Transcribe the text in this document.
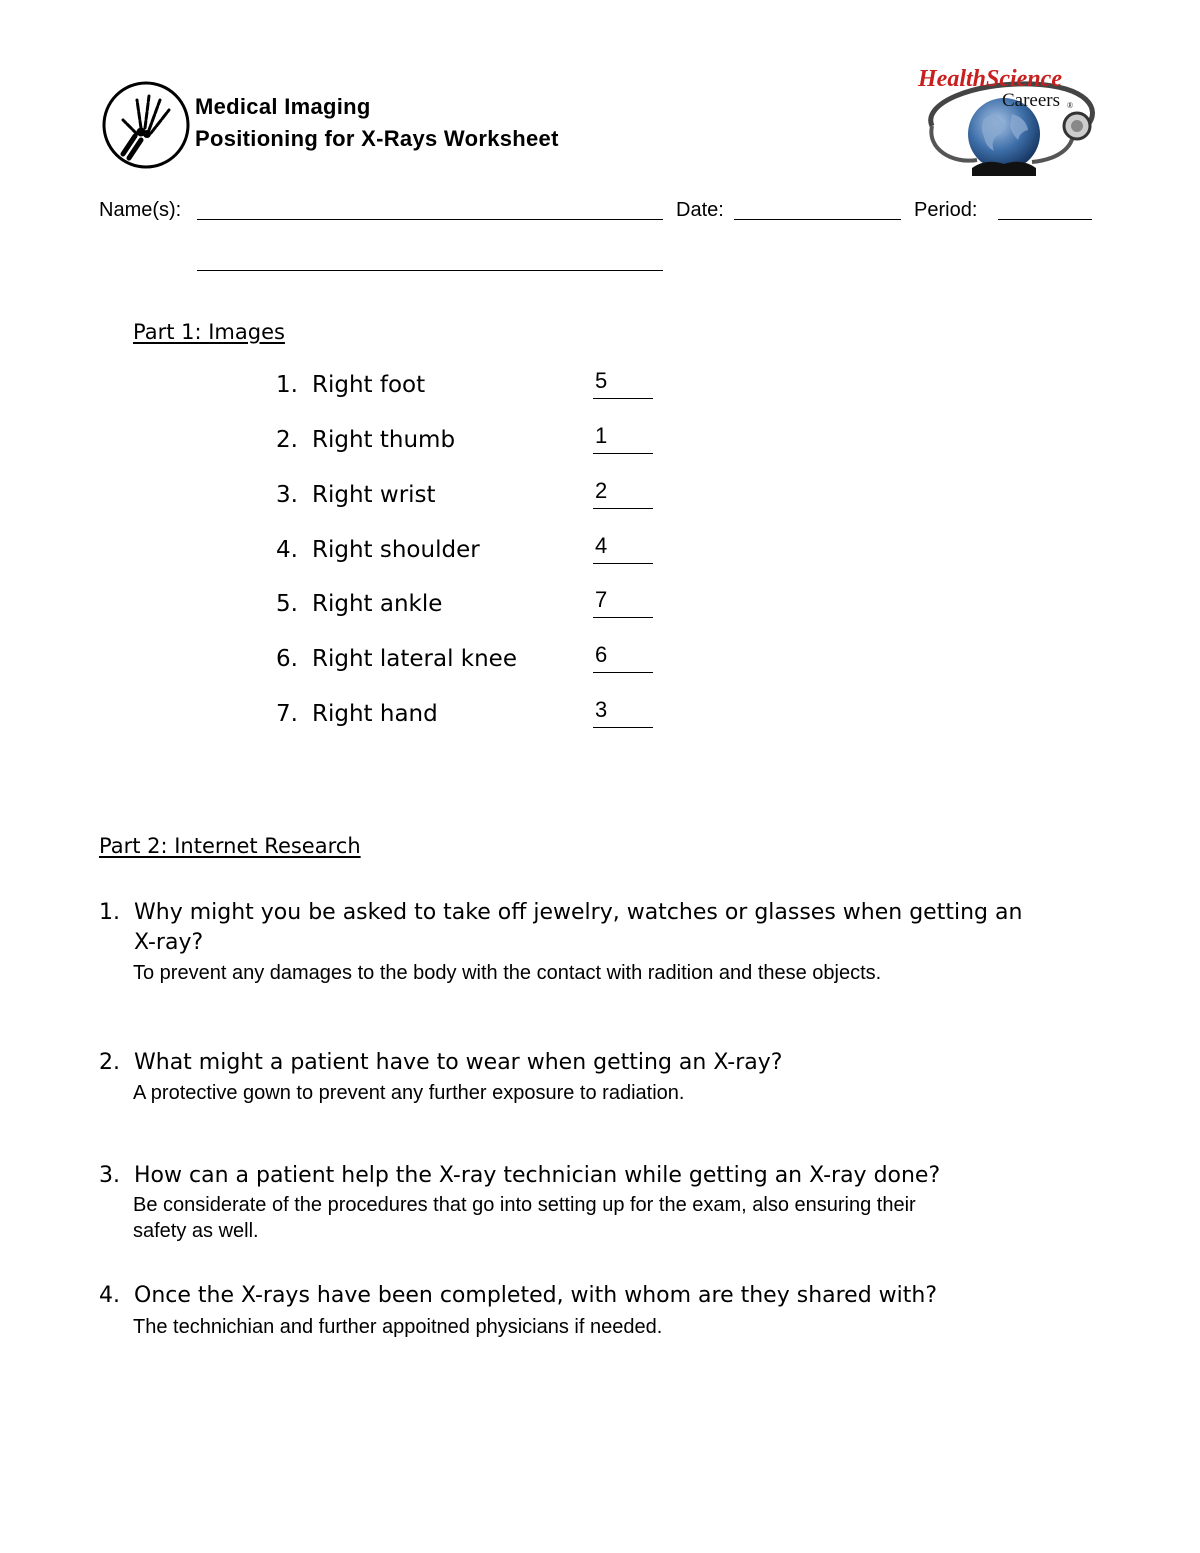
Medical Imaging
Positioning for X-Rays Worksheet
HealthScience
Careers ®
Name(s):	Date:	Period:
Part 1: Images
1. Right foot	5
2. Right thumb	1
3. Right wrist	2
4. Right shoulder	4
5. Right ankle	7
6. Right lateral knee	6
7. Right hand	3
Part 2: Internet Research
1. Why might you be asked to take off jewelry, watches or glasses when getting an
X-ray?
To prevent any damages to the body with the contact with radition and these objects.
2. What might a patient have to wear when getting an X-ray?
A protective gown to prevent any further exposure to radiation.
3. How can a patient help the X-ray technician while getting an X-ray done?
Be considerate of the procedures that go into setting up for the exam, also ensuring their
safety as well.
4. Once the X-rays have been completed, with whom are they shared with?
The technichian and further appoitned physicians if needed.
